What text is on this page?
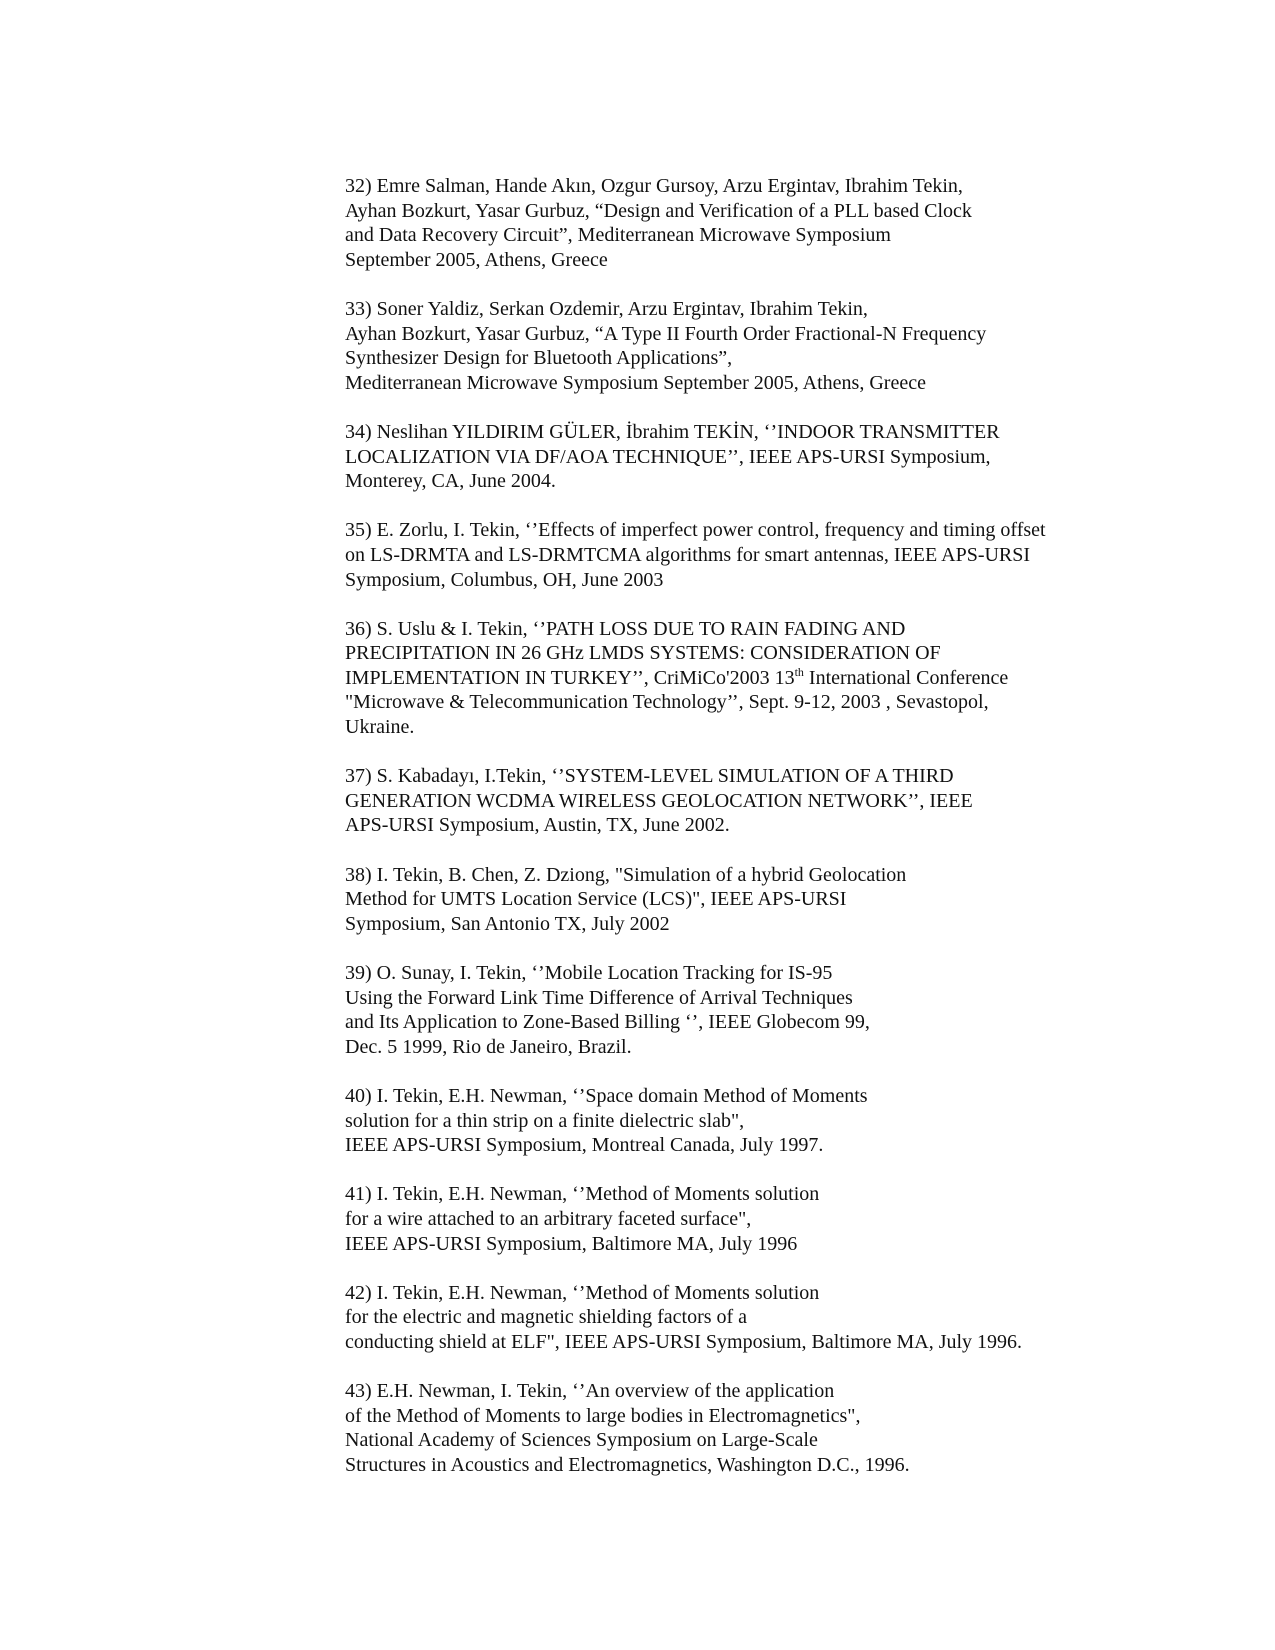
32) Emre Salman, Hande Akın, Ozgur Gursoy, Arzu Ergintav, Ibrahim Tekin,
Ayhan Bozkurt, Yasar Gurbuz, “Design and Verification of a PLL based Clock
and Data Recovery Circuit”, Mediterranean Microwave Symposium
September 2005, Athens, Greece
33) Soner Yaldiz, Serkan Ozdemir, Arzu Ergintav, Ibrahim Tekin,
Ayhan Bozkurt, Yasar Gurbuz, “A Type II Fourth Order Fractional-N Frequency
Synthesizer Design for Bluetooth Applications”,
Mediterranean Microwave Symposium September 2005, Athens, Greece
34) Neslihan YILDIRIM GÜLER, İbrahim TEKİN, ‘’INDOOR TRANSMITTER
LOCALIZATION VIA DF/AOA TECHNIQUE’’, IEEE APS-URSI Symposium,
Monterey, CA, June 2004.
35) E. Zorlu, I. Tekin, ‘’Effects of imperfect power control, frequency and timing offset
on LS-DRMTA and LS-DRMTCMA algorithms for smart antennas, IEEE APS-URSI
Symposium, Columbus, OH, June 2003
36) S. Uslu & I. Tekin, ‘’PATH LOSS DUE TO RAIN FADING AND
PRECIPITATION IN 26 GHz LMDS SYSTEMS: CONSIDERATION OF
IMPLEMENTATION IN TURKEY’’, CriMiCo'2003 13th International Conference
"Microwave & Telecommunication Technology’’, Sept. 9-12, 2003 , Sevastopol,
Ukraine.
37) S. Kabadayı, I.Tekin, ‘’SYSTEM-LEVEL SIMULATION OF A THIRD
GENERATION WCDMA WIRELESS GEOLOCATION NETWORK’’, IEEE
APS-URSI Symposium, Austin, TX, June 2002.
38) I. Tekin, B. Chen, Z. Dziong, "Simulation of a hybrid Geolocation
Method for UMTS Location Service (LCS)", IEEE APS-URSI
Symposium, San Antonio TX, July 2002
39) O. Sunay, I. Tekin, ‘’Mobile Location Tracking for IS-95
Using the Forward Link Time Difference of Arrival Techniques
and Its Application to Zone-Based Billing ‘’, IEEE Globecom 99,
Dec. 5 1999, Rio de Janeiro, Brazil.
40) I. Tekin, E.H. Newman, ‘’Space domain Method of Moments
solution for a thin strip on a finite dielectric slab",
IEEE APS-URSI Symposium, Montreal Canada, July 1997.
41) I. Tekin, E.H. Newman, ‘’Method of Moments solution
for a wire attached to an arbitrary faceted surface",
IEEE APS-URSI Symposium, Baltimore MA, July 1996
42) I. Tekin, E.H. Newman, ‘’Method of Moments solution
for the electric and magnetic shielding factors of a
conducting shield at ELF", IEEE APS-URSI Symposium, Baltimore MA, July 1996.
43) E.H. Newman, I. Tekin, ‘’An overview of the application
of the Method of Moments to large bodies in Electromagnetics",
National Academy of Sciences Symposium on Large-Scale
Structures in Acoustics and Electromagnetics, Washington D.C., 1996.
